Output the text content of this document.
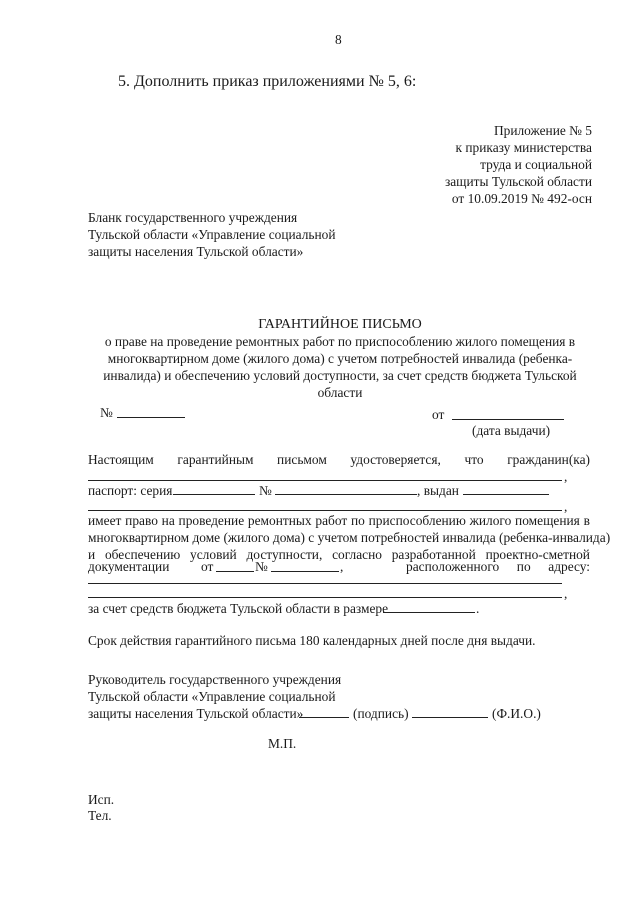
8
5. Дополнить приказ приложениями № 5, 6:
Приложение № 5
к приказу министерства
труда и социальной
защиты Тульской области
от 10.09.2019 № 492-осн
Бланк государственного учреждения
Тульской области «Управление социальной
защиты населения Тульской области»
ГАРАНТИЙНОЕ ПИСЬМО
о праве на проведение ремонтных работ по приспособлению жилого помещения в
многоквартирном доме (жилого дома) с учетом потребностей инвалида (ребенка-
инвалида) и обеспечению условий доступности, за счет средств бюджета Тульской
области
№	от
(дата выдачи)
Настоящим гарантийным письмом удостоверяется, что гражданин(ка)
,
паспорт: серия	№	, выдан
,
имеет право на проведение ремонтных работ по приспособлению жилого помещения в
многоквартирном доме (жилого дома) с учетом потребностей инвалида (ребенка-инвалида)
и обеспечению условий доступности, согласно разработанной проектно-сметной
документации от	№	,	расположенного по адресу:
,
за счет средств бюджета Тульской области в размере	.
Срок действия гарантийного письма 180 календарных дней после дня выдачи.
Руководитель государственного учреждения
Тульской области «Управление социальной
защиты населения Тульской области»	(подпись)	(Ф.И.О.)
М.П.
Исп.
Тел.
